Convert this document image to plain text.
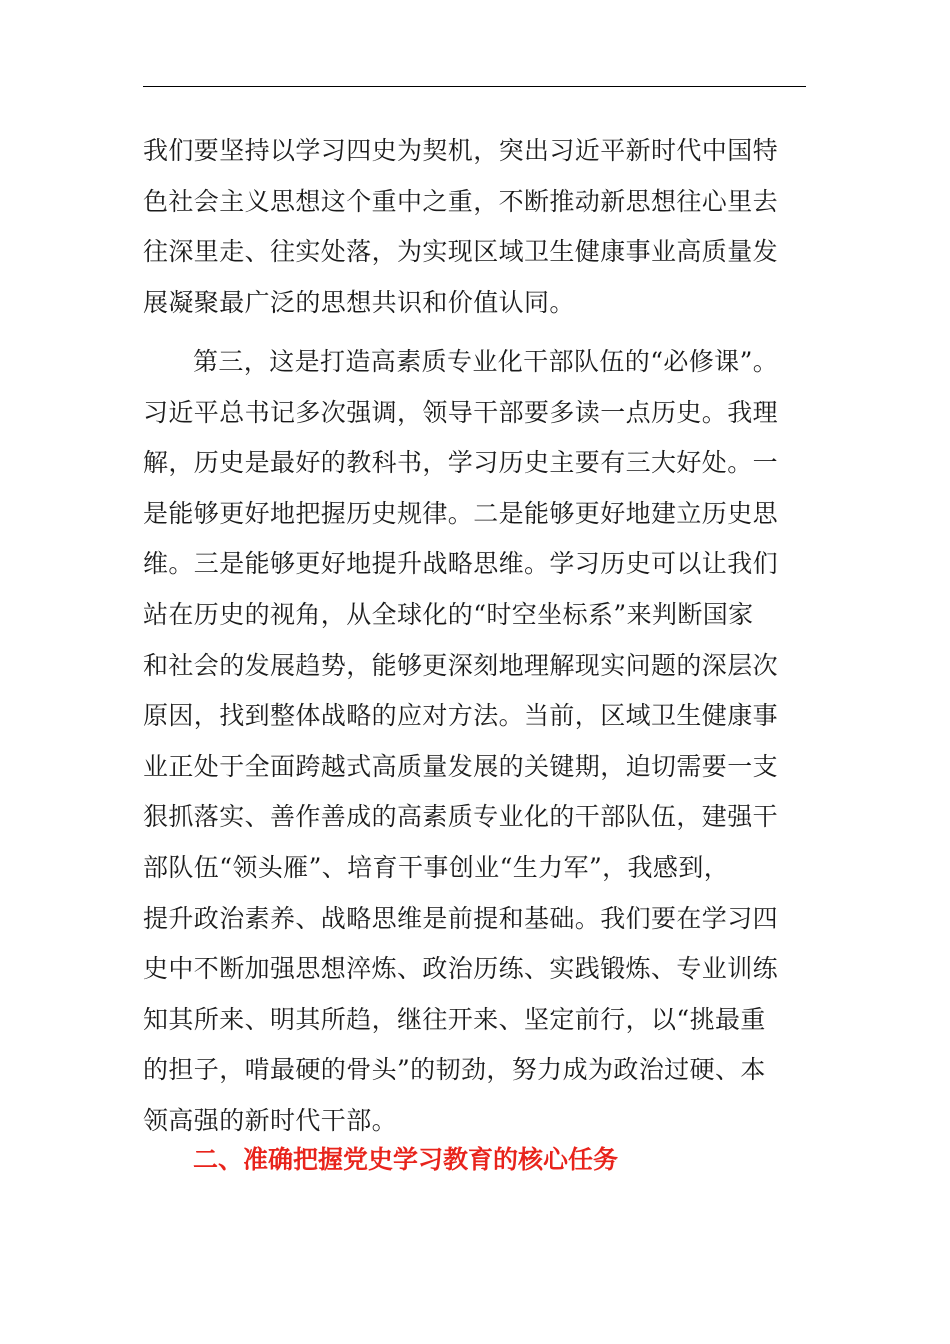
我们要坚持以学习四史为契机，突出习近平新时代中国特
色社会主义思想这个重中之重，不断推动新思想往心里去
往深里走、往实处落，为实现区域卫生健康事业高质量发
展凝聚最广泛的思想共识和价值认同。
第三，这是打造高素质专业化干部队伍的“必修课”。
习近平总书记多次强调，领导干部要多读一点历史。我理
解，历史是最好的教科书，学习历史主要有三大好处。一
是能够更好地把握历史规律。二是能够更好地建立历史思
维。三是能够更好地提升战略思维。学习历史可以让我们
站在历史的视角，从全球化的“时空坐标系”来判断国家
和社会的发展趋势，能够更深刻地理解现实问题的深层次
原因，找到整体战略的应对方法。当前，区域卫生健康事
业正处于全面跨越式高质量发展的关键期，迫切需要一支
狠抓落实、善作善成的高素质专业化的干部队伍，建强干
部队伍“领头雁”、培育干事创业“生力军”，我感到，
提升政治素养、战略思维是前提和基础。我们要在学习四
史中不断加强思想淬炼、政治历练、实践锻炼、专业训练
知其所来、明其所趋，继往开来、坚定前行，以“挑最重
的担子，啃最硬的骨头”的韧劲，努力成为政治过硬、本
领高强的新时代干部。
二、准确把握党史学习教育的核心任务
